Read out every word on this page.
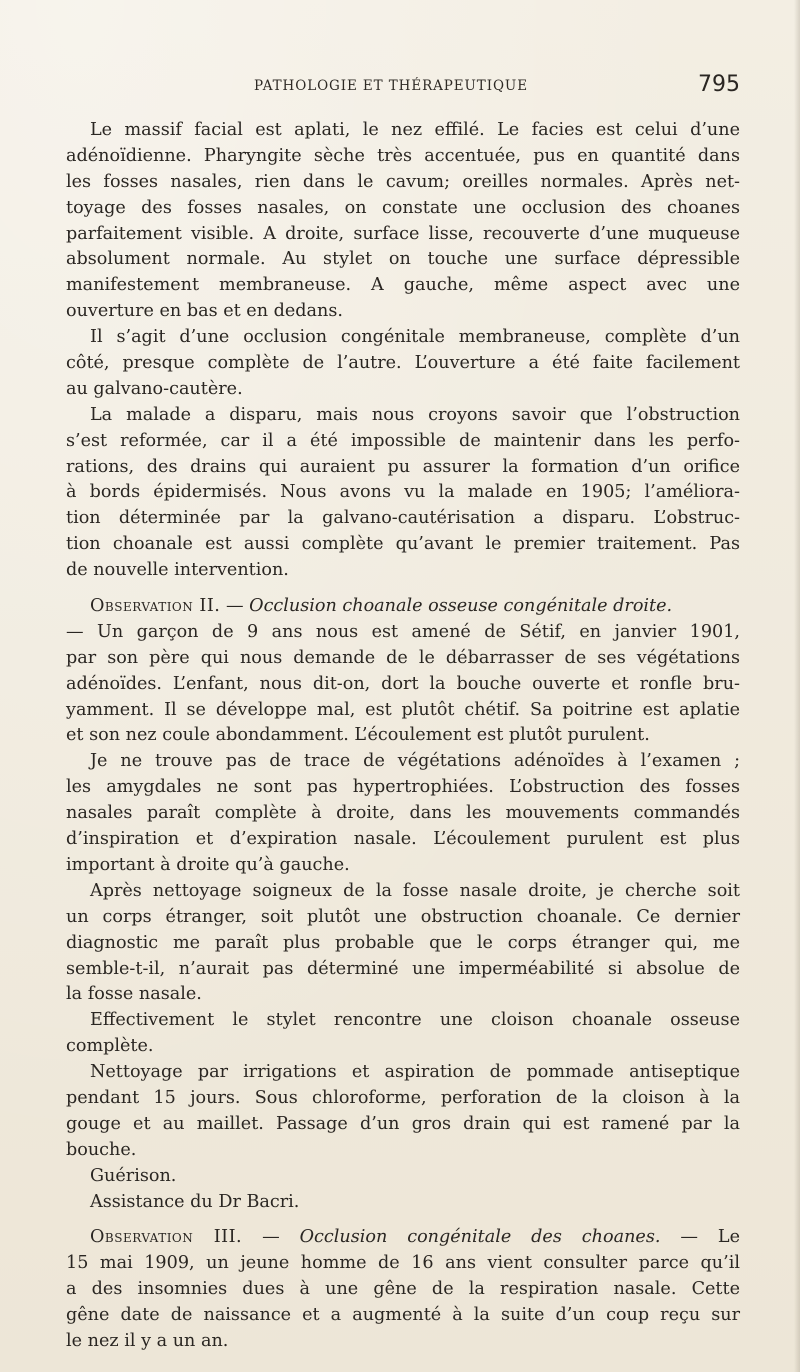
PATHOLOGIE ET THÉRAPEUTIQUE	795
Le massif facial est aplati, le nez effilé. Le facies est celui d’une
adénoïdienne. Pharyngite sèche très accentuée, pus en quantité dans
les fosses nasales, rien dans le cavum; oreilles normales. Après net-
toyage des fosses nasales, on constate une occlusion des choanes
parfaitement visible. A droite, surface lisse, recouverte d’une muqueuse
absolument normale. Au stylet on touche une surface dépressible
manifestement membraneuse. A gauche, même aspect avec une
ouverture en bas et en dedans.
Il s’agit d’une occlusion congénitale membraneuse, complète d’un
côté, presque complète de l’autre. L’ouverture a été faite facilement
au galvano-cautère.
La malade a disparu, mais nous croyons savoir que l’obstruction
s’est reformée, car il a été impossible de maintenir dans les perfo-
rations, des drains qui auraient pu assurer la formation d’un orifice
à bords épidermisés. Nous avons vu la malade en 1905; l’améliora-
tion déterminée par la galvano-cautérisation a disparu. L’obstruc-
tion choanale est aussi complète qu’avant le premier traitement. Pas
de nouvelle intervention.
Observation II. — Occlusion choanale osseuse congénitale droite.
— Un garçon de 9 ans nous est amené de Sétif, en janvier 1901,
par son père qui nous demande de le débarrasser de ses végétations
adénoïdes. L’enfant, nous dit-on, dort la bouche ouverte et ronfle bru-
yamment. Il se développe mal, est plutôt chétif. Sa poitrine est aplatie
et son nez coule abondamment. L’écoulement est plutôt purulent.
Je ne trouve pas de trace de végétations adénoïdes à l’examen ;
les amygdales ne sont pas hypertrophiées. L’obstruction des fosses
nasales paraît complète à droite, dans les mouvements commandés
d’inspiration et d’expiration nasale. L’écoulement purulent est plus
important à droite qu’à gauche.
Après nettoyage soigneux de la fosse nasale droite, je cherche soit
un corps étranger, soit plutôt une obstruction choanale. Ce dernier
diagnostic me paraît plus probable que le corps étranger qui, me
semble-t-il, n’aurait pas déterminé une imperméabilité si absolue de
la fosse nasale.
Effectivement le stylet rencontre une cloison choanale osseuse
complète.
Nettoyage par irrigations et aspiration de pommade antiseptique
pendant 15 jours. Sous chloroforme, perforation de la cloison à la
gouge et au maillet. Passage d’un gros drain qui est ramené par la
bouche.
Guérison.
Assistance du Dr Bacri.
Observation III. — Occlusion congénitale des choanes. — Le
15 mai 1909, un jeune homme de 16 ans vient consulter parce qu’il
a des insomnies dues à une gêne de la respiration nasale. Cette
gêne date de naissance et a augmenté à la suite d’un coup reçu sur
le nez il y a un an.
